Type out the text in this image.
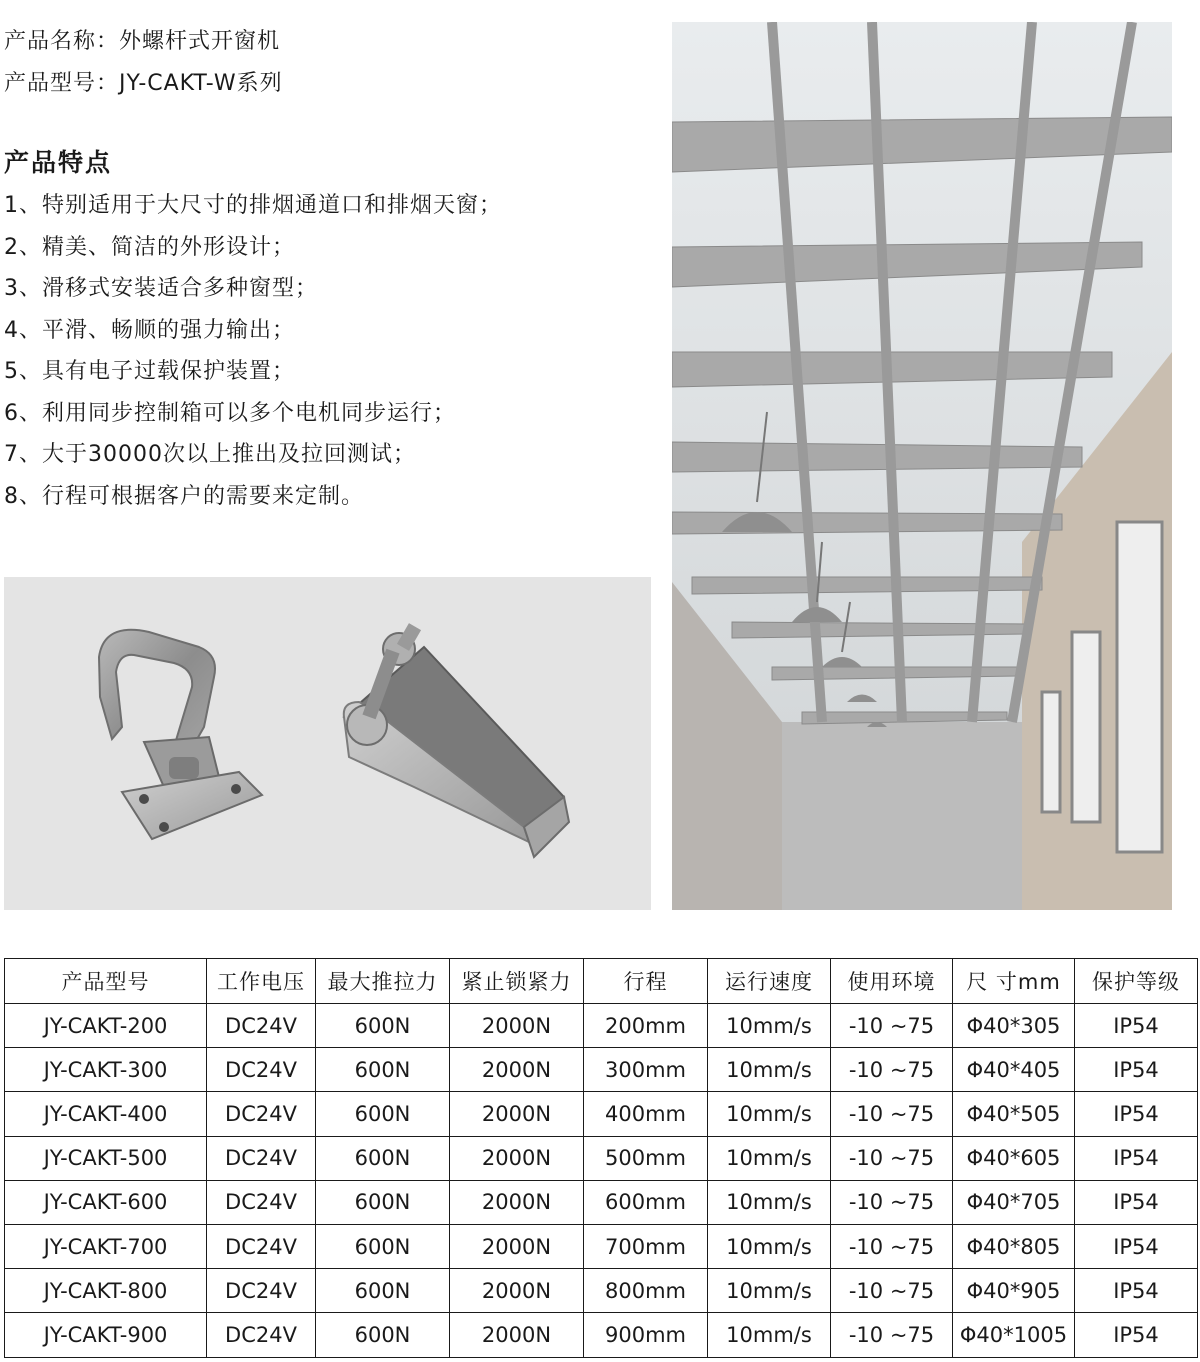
产品名称：外螺杆式开窗机
产品型号：JY-CAKT-W系列
产品特点
1、特别适用于大尺寸的排烟通道口和排烟天窗；
2、精美、简洁的外形设计；
3、滑移式安装适合多种窗型；
4、平滑、畅顺的强力输出；
5、具有电子过载保护装置；
6、利用同步控制箱可以多个电机同步运行；
7、大于30000次以上推出及拉回测试；
8、行程可根据客户的需要来定制。
产品型号	工作电压	最大推拉力	紧止锁紧力	行程	运行速度	使用环境	尺 寸mm	保护等级
JY-CAKT-200	DC24V	600N	2000N	200mm	10mm/s	-10 ~75	Φ40*305	IP54
JY-CAKT-300	DC24V	600N	2000N	300mm	10mm/s	-10 ~75	Φ40*405	IP54
JY-CAKT-400	DC24V	600N	2000N	400mm	10mm/s	-10 ~75	Φ40*505	IP54
JY-CAKT-500	DC24V	600N	2000N	500mm	10mm/s	-10 ~75	Φ40*605	IP54
JY-CAKT-600	DC24V	600N	2000N	600mm	10mm/s	-10 ~75	Φ40*705	IP54
JY-CAKT-700	DC24V	600N	2000N	700mm	10mm/s	-10 ~75	Φ40*805	IP54
JY-CAKT-800	DC24V	600N	2000N	800mm	10mm/s	-10 ~75	Φ40*905	IP54
JY-CAKT-900	DC24V	600N	2000N	900mm	10mm/s	-10 ~75	Φ40*1005	IP54
